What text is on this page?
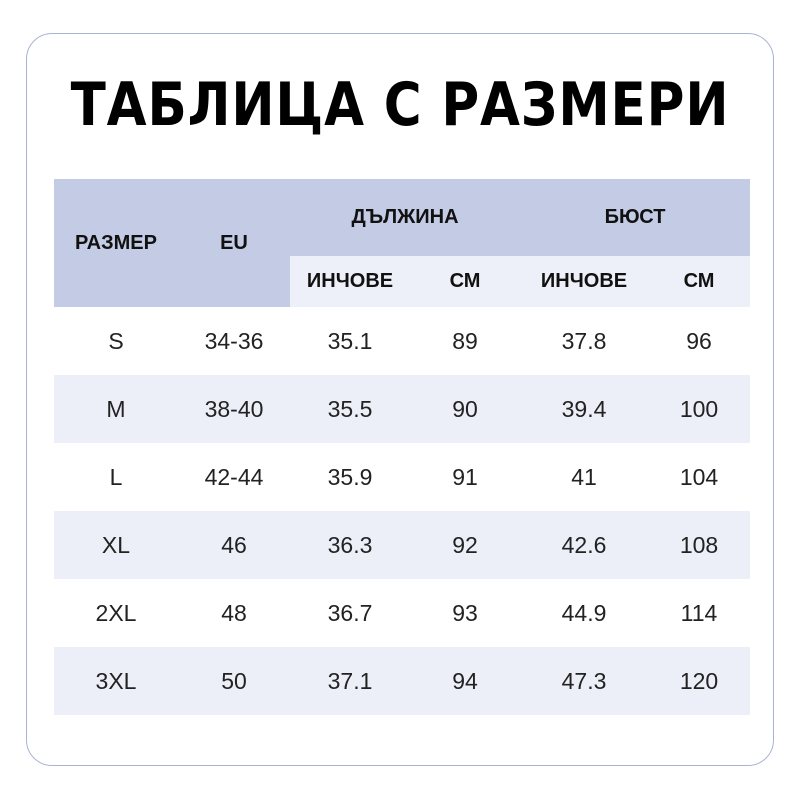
ТАБЛИЦА С РАЗМЕРИ
РАЗМЕР	EU	ДЪЛЖИНА		БЮСТ	
		ИНЧОВЕ	СМ	ИНЧОВЕ	СМ
S	34-36	35.1	89	37.8	96
M	38-40	35.5	90	39.4	100
L	42-44	35.9	91	41	104
XL	46	36.3	92	42.6	108
2XL	48	36.7	93	44.9	114
3XL	50	37.1	94	47.3	120
